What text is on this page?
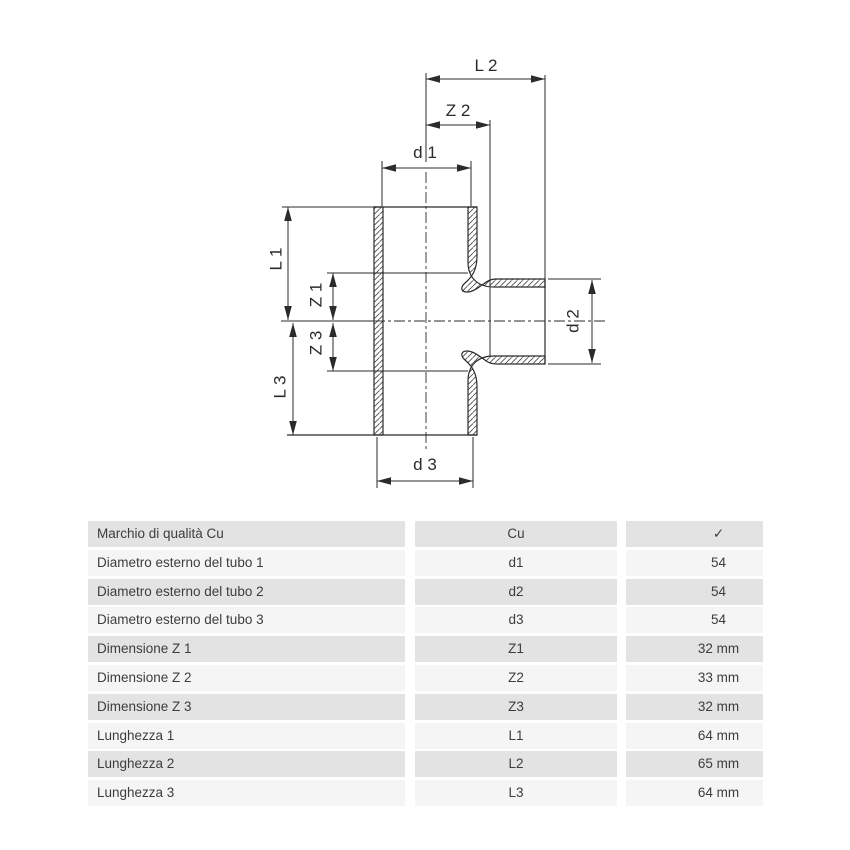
L 2
Z 2
d 1
d 3
L 1
Z 1
Z 3
L 3
d 2
Marchio di qualità Cu	Cu	✓
Diametro esterno del tubo 1	d1	54
Diametro esterno del tubo 2	d2	54
Diametro esterno del tubo 3	d3	54
Dimensione Z 1	Z1	32 mm
Dimensione Z 2	Z2	33 mm
Dimensione Z 3	Z3	32 mm
Lunghezza 1	L1	64 mm
Lunghezza 2	L2	65 mm
Lunghezza 3	L3	64 mm
